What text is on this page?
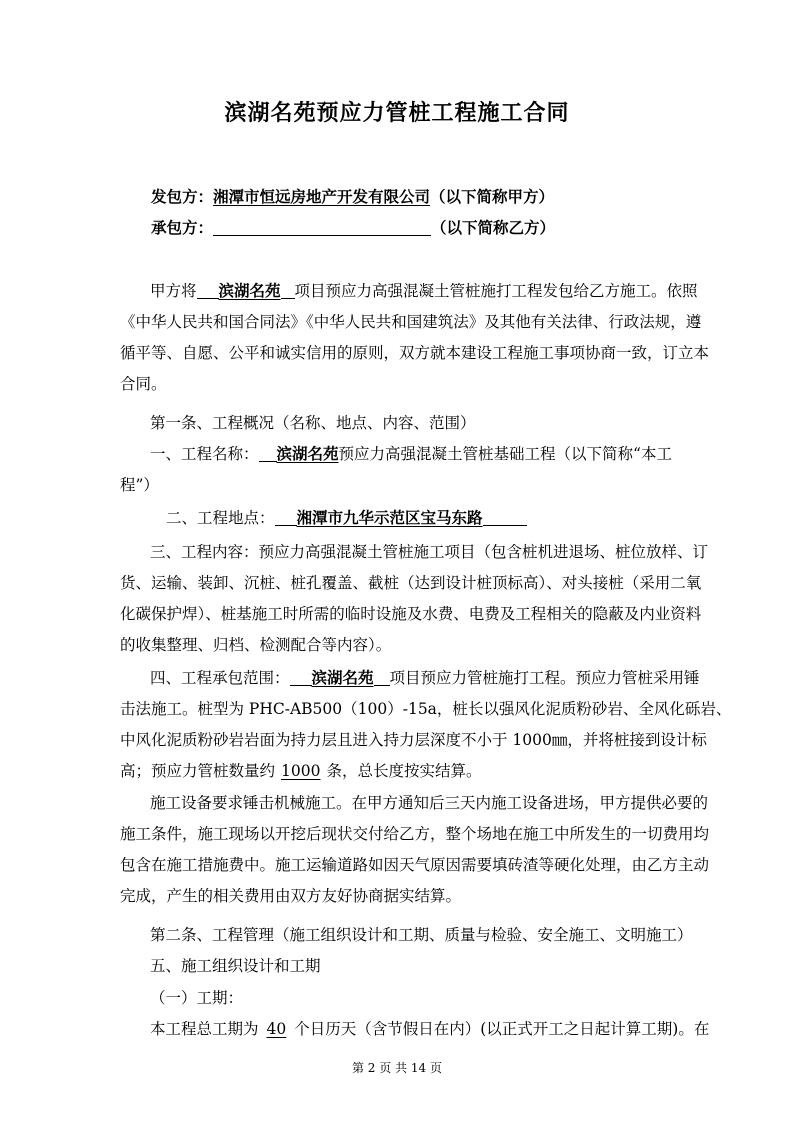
滨湖名苑预应力管桩工程施工合同
发包方：湘潭市恒远房地产开发有限公司（以下简称甲方）
承包方：	（以下简称乙方）
甲方将 滨湖名苑 项目预应力高强混凝土管桩施打工程发包给乙方施工。依照
《中华人民共和国合同法》《中华人民共和国建筑法》及其他有关法律、行政法规，遵
循平等、自愿、公平和诚实信用的原则，双方就本建设工程施工事项协商一致，订立本
合同。
第一条、工程概况（名称、地点、内容、范围）
一、工程名称： 滨湖名苑预应力高强混凝土管桩基础工程（以下简称“本工
程”）
二、工程地点： 湘潭市九华示范区宝马东路
三、工程内容：预应力高强混凝土管桩施工项目（包含桩机进退场、桩位放样、订
货、运输、装卸、沉桩、桩孔覆盖、截桩（达到设计桩顶标高）、对头接桩（采用二氧
化碳保护焊）、桩基施工时所需的临时设施及水费、电费及工程相关的隐蔽及内业资料
的收集整理、归档、检测配合等内容）。
四、工程承包范围： 滨湖名苑 项目预应力管桩施打工程。预应力管桩采用锤
击法施工。桩型为 PHC-AB500（100）-15a，桩长以强风化泥质粉砂岩、全风化砾岩、
中风化泥质粉砂岩岩面为持力层且进入持力层深度不小于 1000㎜，并将桩接到设计标
高；预应力管桩数量约 1000 条，总长度按实结算。
施工设备要求锤击机械施工。在甲方通知后三天内施工设备进场，甲方提供必要的
施工条件，施工现场以开挖后现状交付给乙方，整个场地在施工中所发生的一切费用均
包含在施工措施费中。施工运输道路如因天气原因需要填砖渣等硬化处理，由乙方主动
完成，产生的相关费用由双方友好协商据实结算。
第二条、工程管理（施工组织设计和工期、质量与检验、安全施工、文明施工）
五、施工组织设计和工期
（一）工期：
本工程总工期为 40 个日历天（含节假日在内）(以正式开工之日起计算工期)。在
第 2 页 共 14 页
